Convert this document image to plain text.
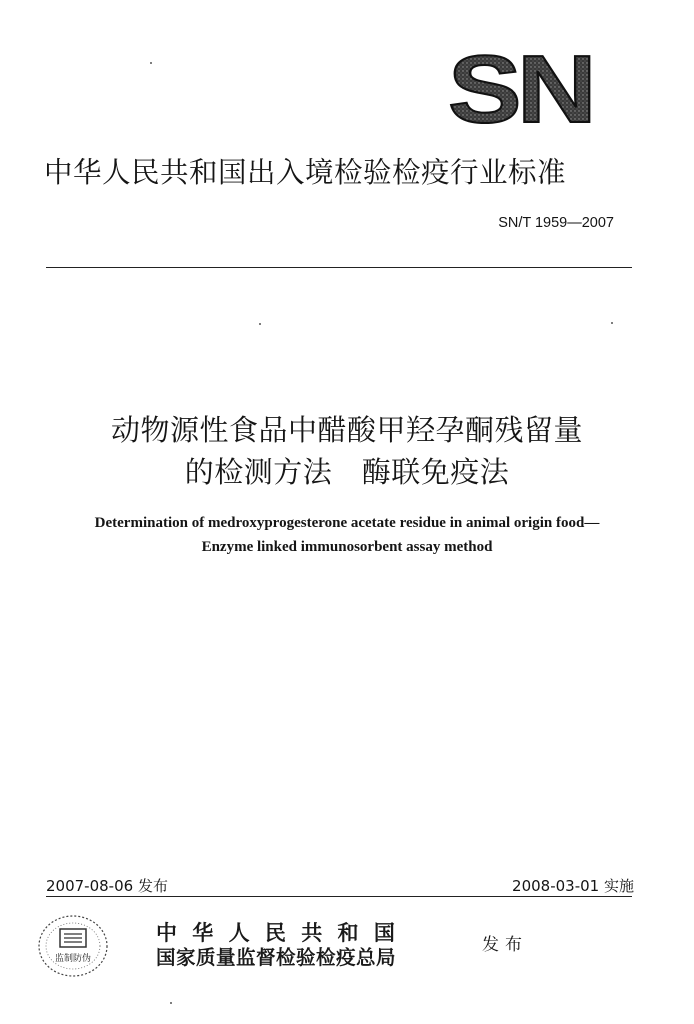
SN
中华人民共和国出入境检验检疫行业标准
SN/T 1959—2007
动物源性食品中醋酸甲羟孕酮残留量
的检测方法　酶联免疫法
Determination of medroxyprogesterone acetate residue in animal origin food—
Enzyme linked immunosorbent assay method
2007-08-06 发布	2008-03-01 实施
监制防伪
中 华 人 民 共 和 国
国家质量监督检验检疫总局
发布
